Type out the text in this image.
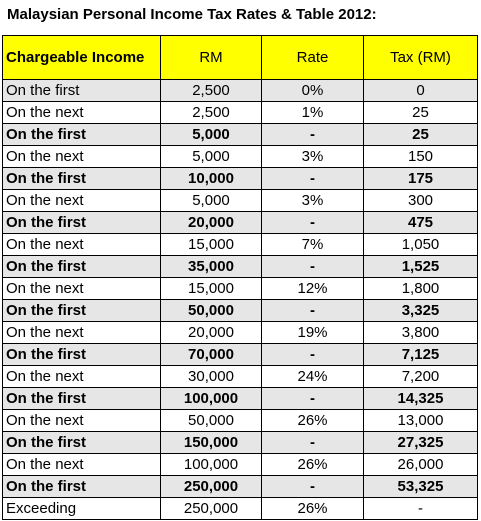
Malaysian Personal Income Tax Rates & Table 2012:
Chargeable Income	RM	Rate	Tax (RM)
On the first	2,500	0%	0
On the next	2,500	1%	25
On the first	5,000	-	25
On the next	5,000	3%	150
On the first	10,000	-	175
On the next	5,000	3%	300
On the first	20,000	-	475
On the next	15,000	7%	1,050
On the first	35,000	-	1,525
On the next	15,000	12%	1,800
On the first	50,000	-	3,325
On the next	20,000	19%	3,800
On the first	70,000	-	7,125
On the next	30,000	24%	7,200
On the first	100,000	-	14,325
On the next	50,000	26%	13,000
On the first	150,000	-	27,325
On the next	100,000	26%	26,000
On the first	250,000	-	53,325
Exceeding	250,000	26%	-
